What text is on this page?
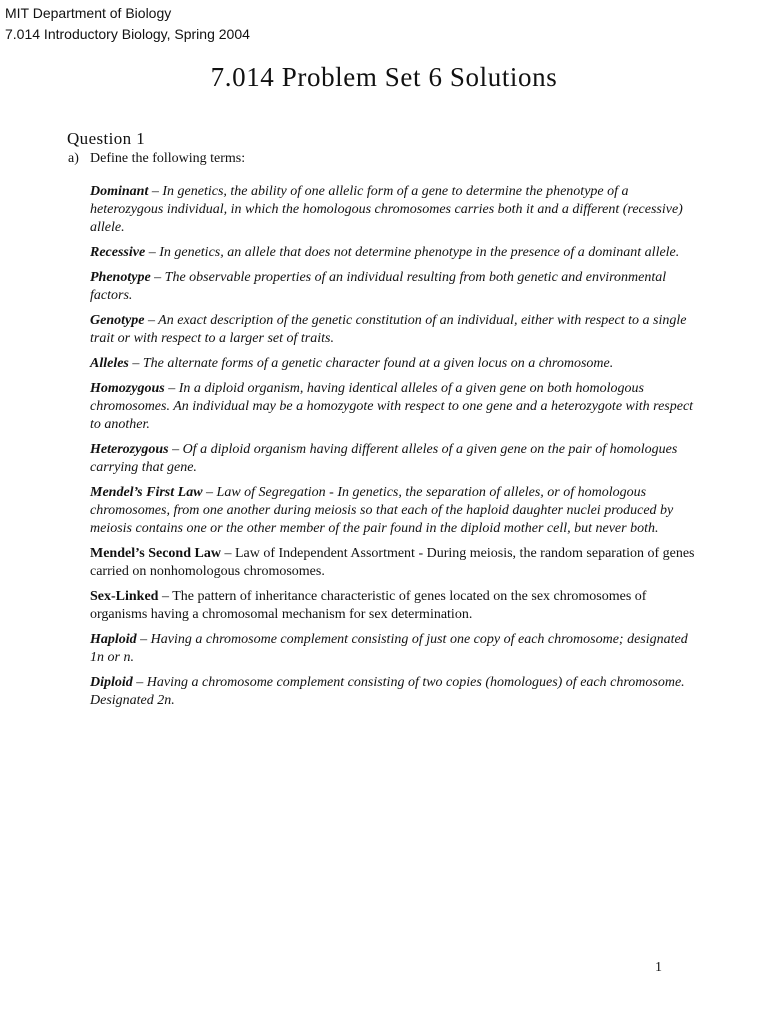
MIT Department of Biology
7.014 Introductory Biology, Spring 2004
7.014 Problem Set 6 Solutions
Question 1
a) Define the following terms:

Dominant – In genetics, the ability of one allelic form of a gene to determine the phenotype of a heterozygous individual, in which the homologous chromosomes carries both it and a different (recessive) allele.

Recessive – In genetics, an allele that does not determine phenotype in the presence of a dominant allele.

Phenotype – The observable properties of an individual resulting from both genetic and environmental factors.

Genotype – An exact description of the genetic constitution of an individual, either with respect to a single trait or with respect to a larger set of traits.

Alleles – The alternate forms of a genetic character found at a given locus on a chromosome.

Homozygous – In a diploid organism, having identical alleles of a given gene on both homologous chromosomes. An individual may be a homozygote with respect to one gene and a heterozygote with respect to another.

Heterozygous – Of a diploid organism having different alleles of a given gene on the pair of homologues carrying that gene.

Mendel’s First Law – Law of Segregation - In genetics, the separation of alleles, or of homologous chromosomes, from one another during meiosis so that each of the haploid daughter nuclei produced by meiosis contains one or the other member of the pair found in the diploid mother cell, but never both.

Mendel’s Second Law – Law of Independent Assortment - During meiosis, the random separation of genes carried on nonhomologous chromosomes.

Sex-Linked – The pattern of inheritance characteristic of genes located on the sex chromosomes of organisms having a chromosomal mechanism for sex determination.

Haploid – Having a chromosome complement consisting of just one copy of each chromosome; designated 1n or n.

Diploid – Having a chromosome complement consisting of two copies (homologues) of each chromosome. Designated 2n.

1
